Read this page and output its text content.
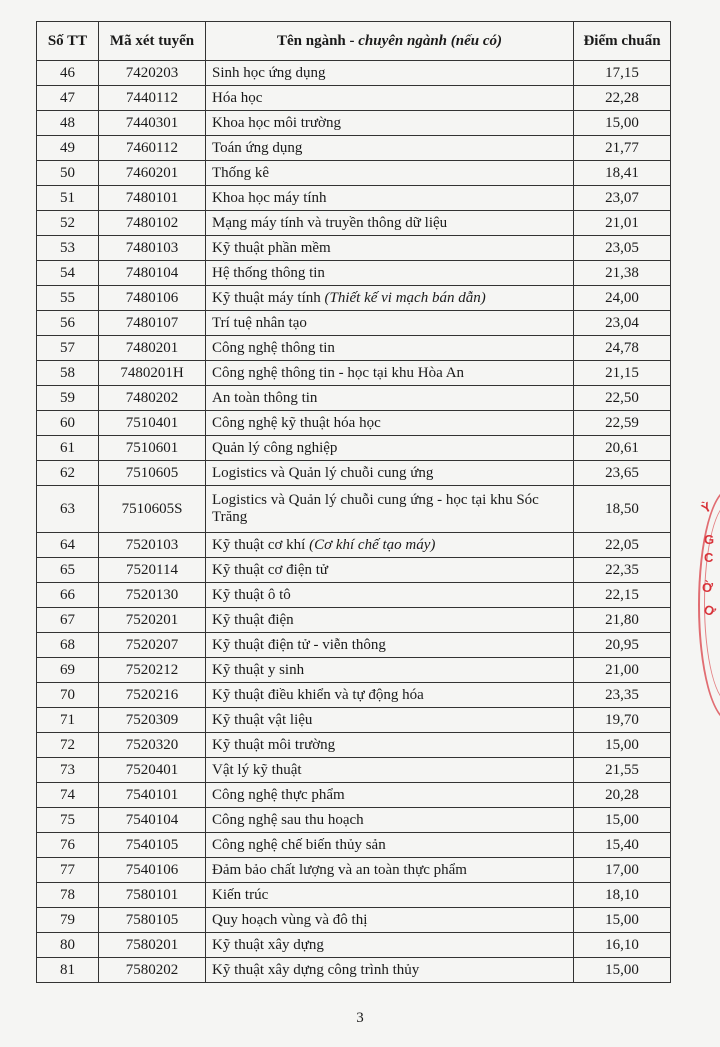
Số TT	Mã xét tuyển	Tên ngành - chuyên ngành (nếu có)	Điểm chuẩn
46	7420203	Sinh học ứng dụng	17,15
47	7440112	Hóa học	22,28
48	7440301	Khoa học môi trường	15,00
49	7460112	Toán ứng dụng	21,77
50	7460201	Thống kê	18,41
51	7480101	Khoa học máy tính	23,07
52	7480102	Mạng máy tính và truyền thông dữ liệu	21,01
53	7480103	Kỹ thuật phần mềm	23,05
54	7480104	Hệ thống thông tin	21,38
55	7480106	Kỹ thuật máy tính (Thiết kế vi mạch bán dẫn)	24,00
56	7480107	Trí tuệ nhân tạo	23,04
57	7480201	Công nghệ thông tin	24,78
58	7480201H	Công nghệ thông tin - học tại khu Hòa An	21,15
59	7480202	An toàn thông tin	22,50
60	7510401	Công nghệ kỹ thuật hóa học	22,59
61	7510601	Quản lý công nghiệp	20,61
62	7510605	Logistics và Quản lý chuỗi cung ứng	23,65
63	7510605S	Logistics và Quản lý chuỗi cung ứng - học tại khu Sóc Trăng	18,50
64	7520103	Kỹ thuật cơ khí (Cơ khí chế tạo máy)	22,05
65	7520114	Kỹ thuật cơ điện tử	22,35
66	7520130	Kỹ thuật ô tô	22,15
67	7520201	Kỹ thuật điện	21,80
68	7520207	Kỹ thuật điện tử - viễn thông	20,95
69	7520212	Kỹ thuật y sinh	21,00
70	7520216	Kỹ thuật điều khiển và tự động hóa	23,35
71	7520309	Kỹ thuật vật liệu	19,70
72	7520320	Kỹ thuật môi trường	15,00
73	7520401	Vật lý kỹ thuật	21,55
74	7540101	Công nghệ thực phẩm	20,28
75	7540104	Công nghệ sau thu hoạch	15,00
76	7540105	Công nghệ chế biến thủy sản	15,40
77	7540106	Đảm bảo chất lượng và an toàn thực phẩm	17,00
78	7580101	Kiến trúc	18,10
79	7580105	Quy hoạch vùng và đô thị	15,00
80	7580201	Kỹ thuật xây dựng	16,10
81	7580202	Kỹ thuật xây dựng công trình thủy	15,00
3
Ỳ
G
C
Ờ
Ơ
